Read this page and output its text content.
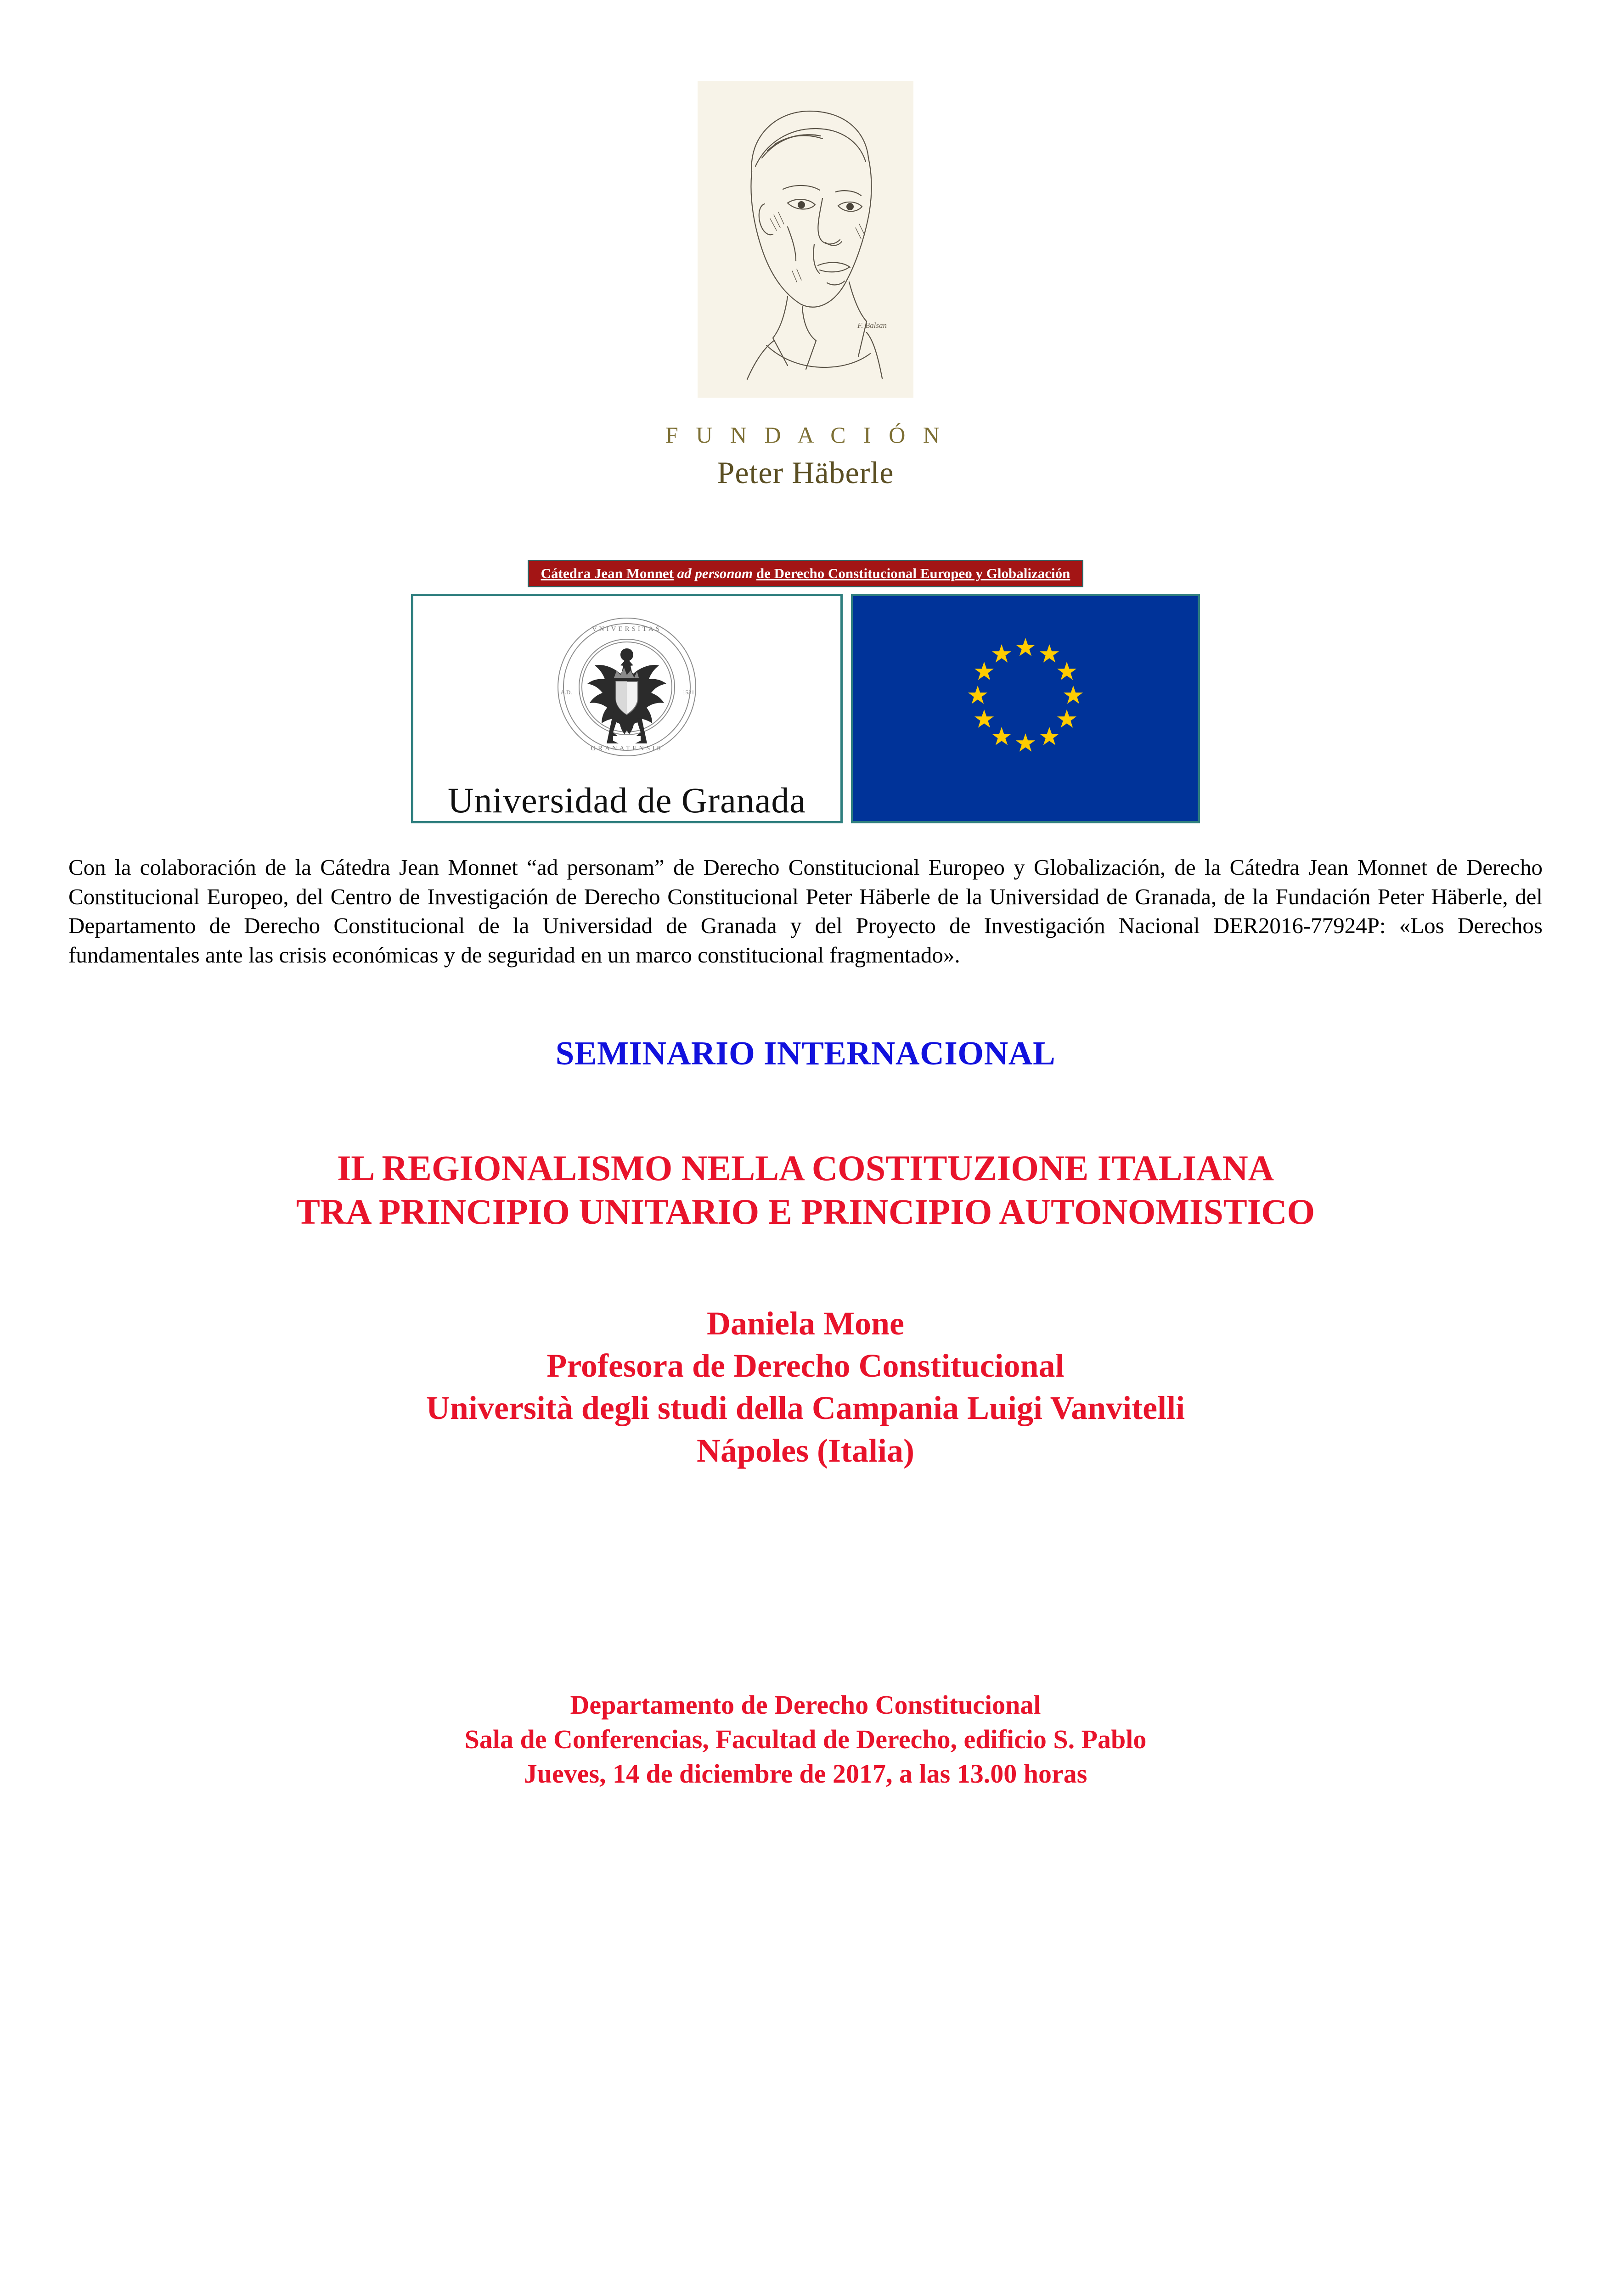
F. Balsan
F U N D A C I Ó N
Peter Häberle
Cátedra Jean Monnet ad personam de Derecho Constitucional Europeo y Globalización
VNIVERSITAS
GRANATENSIS
A.D.	1531
Universidad de Granada

Con la colaboración de la Cátedra Jean Monnet “ad personam” de Derecho Constitucional Europeo y Globalización, de la Cátedra Jean Monnet de Derecho Constitucional Europeo, del Centro de Investigación de Derecho Constitucional Peter Häberle de la Universidad de Granada, de la Fundación Peter Häberle, del Departamento de Derecho Constitucional de la Universidad de Granada y del Proyecto de Investigación Nacional DER2016-77924P: «Los Derechos fundamentales ante las crisis económicas y de seguridad en un marco constitucional fragmentado».

SEMINARIO INTERNACIONAL
IL REGIONALISMO NELLA COSTITUZIONE ITALIANA
TRA PRINCIPIO UNITARIO E PRINCIPIO AUTONOMISTICO
Daniela Mone
Profesora de Derecho Constitucional
Università degli studi della Campania Luigi Vanvitelli
Nápoles (Italia)
Departamento de Derecho Constitucional
Sala de Conferencias, Facultad de Derecho, edificio S. Pablo
Jueves, 14 de diciembre de 2017, a las 13.00 horas
